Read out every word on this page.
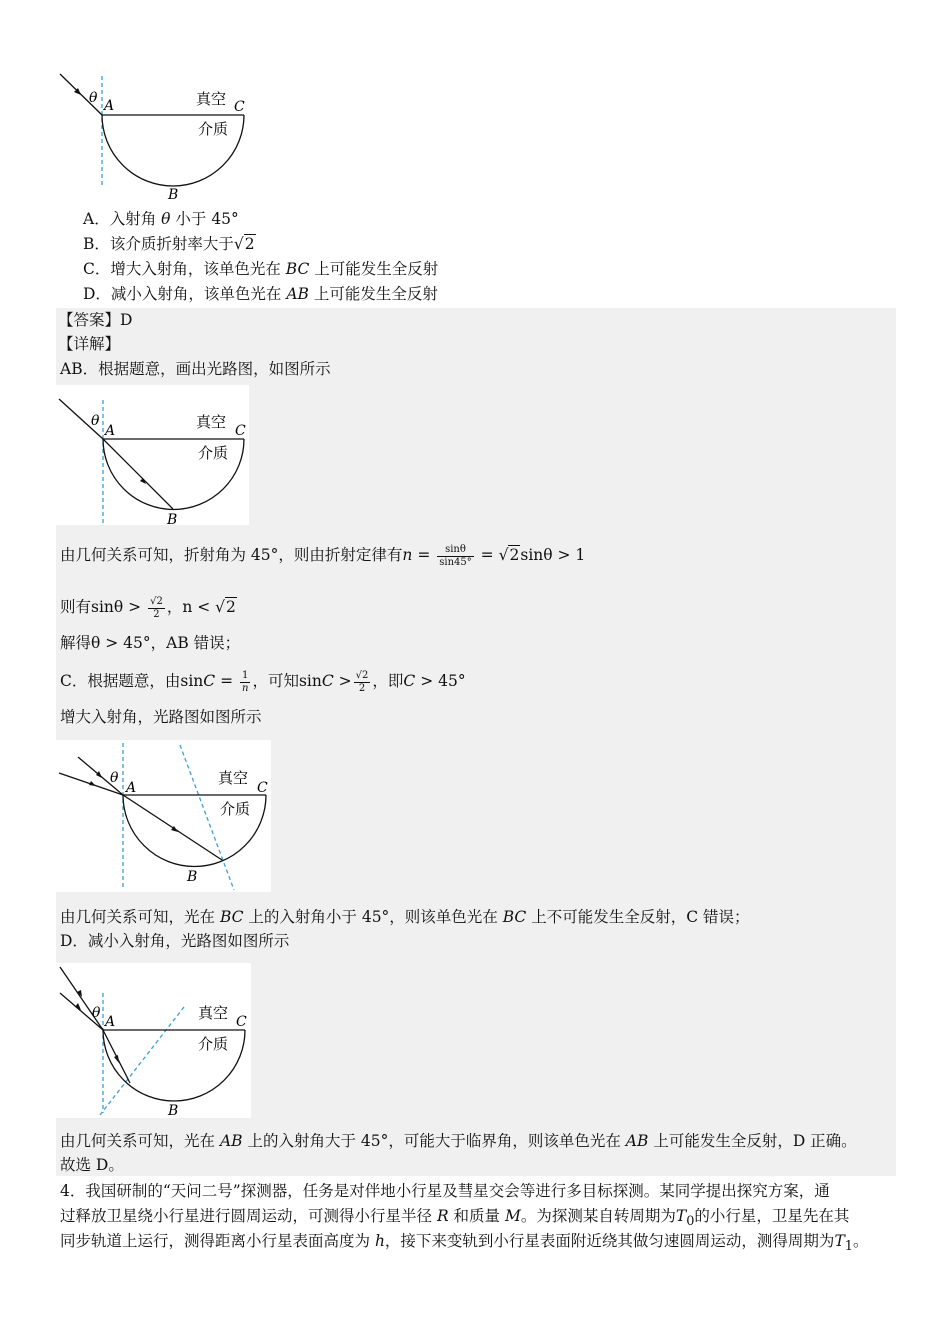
θ A	C
B
真空
介质
A．入射角 θ 小于 45°
B．该介质折射率大于√2
C．增大入射角，该单色光在 BC 上可能发生全反射
D．减小入射角，该单色光在 AB 上可能发生全反射
【答案】D
【详解】
AB．根据题意，画出光路图，如图所示
θ
A	C
B
真空
介质
由几何关系可知，折射角为 45°，则由折射定律有$n = \frac{\sin\theta}{\sin 45^\circ} = √2\sin\theta > 1$
则有$\sin\theta > \frac{√2}{2}$ ，n < √2
解得θ > 45°，AB 错误；
C．根据题意，由$\sin C = \frac{1}{n}$ ，可知$\sin C > \frac{√2}{2}$ ，即C > 45°
增大入射角，光路图如图所示
θ
A	C
B
真空
介质
由几何关系可知，光在 BC 上的入射角小于 45°，则该单色光在 BC 上不可能发生全反射，C 错误；
D．减小入射角，光路图如图所示
θ
A	C
B
真空
介质
由几何关系可知，光在 AB 上的入射角大于 45°，可能大于临界角，则该单色光在 AB 上可能发生全反射，D 正确。
故选 D。
4．我国研制的“天问二号”探测器，任务是对伴地小行星及彗星交会等进行多目标探测。某同学提出探究方案，通
过释放卫星绕小行星进行圆周运动，可测得小行星半径 R 和质量 M。为探测某自转周期为$T_0$的小行星，卫星先在其
同步轨道上运行，测得距离小行星表面高度为 h，接下来变轨到小行星表面附近绕其做匀速圆周运动，测得周期为$T_1$。
